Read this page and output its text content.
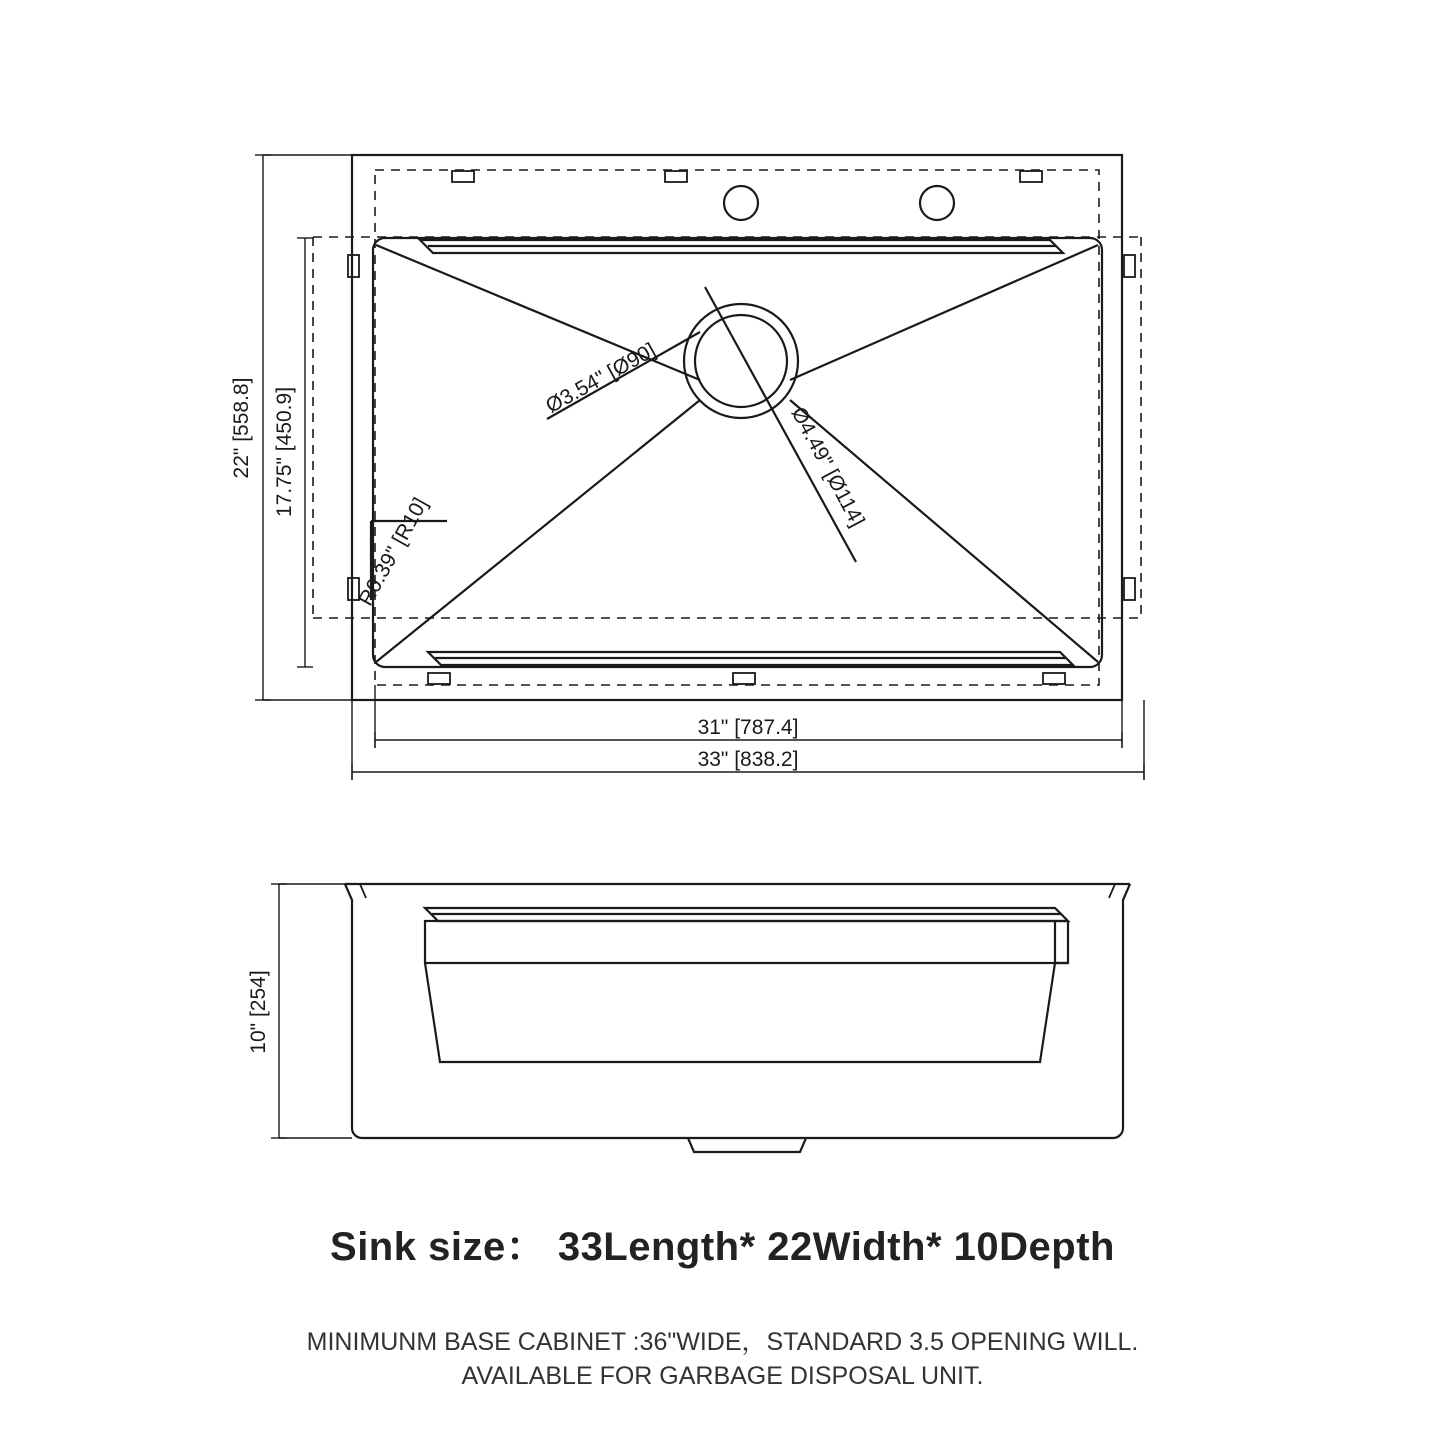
22" [558.8] 17.75" [450.9]
31" [787.4]
33" [838.2]
10" [254]
Ø3.54" [Ø90]
Ø4.49" [Ø114]
R0.39" [R10]
Sink size： 33Length* 22Width* 10Depth
MINIMUNM BASE CABINET :36"WIDE，STANDARD 3.5 OPENING WILL.
AVAILABLE FOR GARBAGE DISPOSAL UNIT.
